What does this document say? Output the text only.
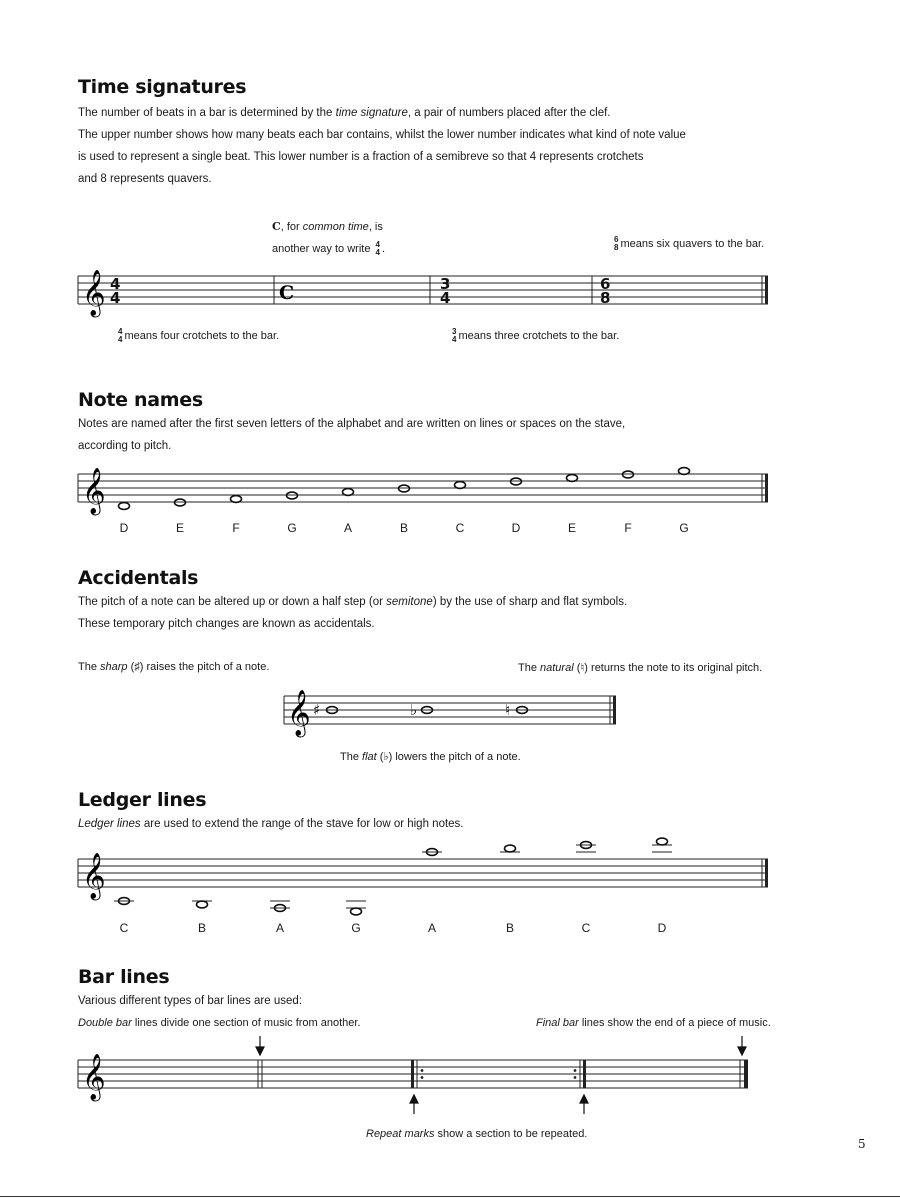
Time signatures
The number of beats in a bar is determined by the time signature, a pair of numbers placed after the clef.
The upper number shows how many beats each bar contains, whilst the lower number indicates what kind of note value
is used to represent a single beat. This lower number is a fraction of a semibreve so that 4 represents crotchets
and 8 represents quavers.
C, for common time, is
another way to write 4
4 .
6
8 means six quavers to the bar.
𝄞 4
4
3
4
6
8
C
4
4 means four crotchets to the bar.	3
4 means three crotchets to the bar.
Note names
Notes are named after the first seven letters of the alphabet and are written on lines or spaces on the stave,
according to pitch.
𝄞
D	E	F	G	A	B	C	D	E	F	G
Accidentals
The pitch of a note can be altered up or down a half step (or semitone) by the use of sharp and flat symbols.
These temporary pitch changes are known as accidentals.
The sharp (♯) raises the pitch of a note.	The natural (♮) returns the note to its original pitch.
𝄞 ♯	♭	♮
The flat (♭) lowers the pitch of a note.
Ledger lines
Ledger lines are used to extend the range of the stave for low or high notes.
𝄞
C	B	A	G	A	B	C	D
Bar lines
Various different types of bar lines are used:
Double bar lines divide one section of music from another.	Final bar lines show the end of a piece of music.
𝄞
Repeat marks show a section to be repeated.
5
